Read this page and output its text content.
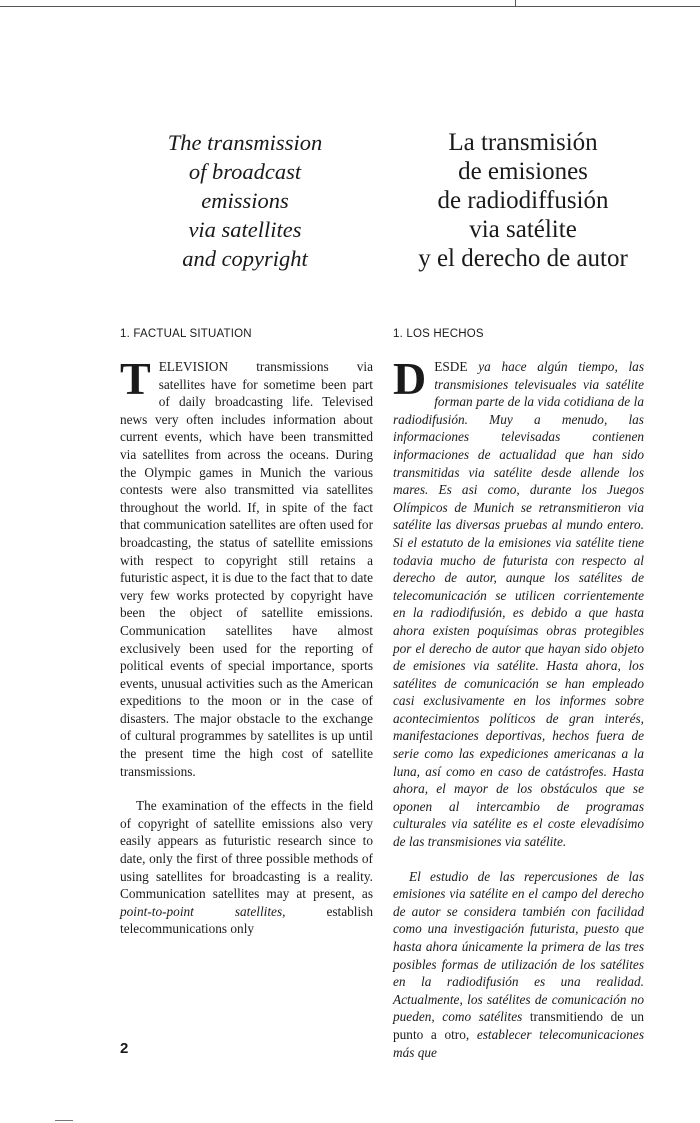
The transmission
of broadcast
emissions
via satellites
and copyright
La transmisión
de emisiones
de radiodiffusión
via satélite
y el derecho de autor
1. FACTUAL SITUATION	1. LOS HECHOS

TELEVISION transmissions via satellites have for sometime been part of daily broadcasting life. Televised news very often includes information about current events, which have been transmitted via satellites from across the oceans. During the Olympic games in Munich the various contests were also transmitted via satellites throughout the world. If, in spite of the fact that communication satellites are often used for broadcasting, the status of satellite emissions with respect to copyright still retains a futuristic aspect, it is due to the fact that to date very few works protected by copyright have been the object of satellite emissions. Communication satellites have almost exclusively been used for the reporting of political events of special importance, sports events, unusual activities such as the American expeditions to the moon or in the case of disasters. The major obstacle to the exchange of cultural programmes by satellites is up until the present time the high cost of satellite transmissions.

The examination of the effects in the field of copyright of satellite emissions also very easily appears as futuristic research since to date, only the first of three possible methods of using satellites for broadcasting is a reality. Communication satellites may at present, as point-to-point satellites, establish telecommunications only

DESDE ya hace algún tiempo, las transmisiones televisuales via satélite forman parte de la vida cotidiana de la radiodifusión. Muy a menudo, las informaciones televisadas contienen informaciones de actualidad que han sido transmitidas via satélite desde allende los mares. Es asi como, durante los Juegos Olímpicos de Munich se retransmitieron via satélite las diversas pruebas al mundo entero. Si el estatuto de la emisiones via satélite tiene todavia mucho de futurista con respecto al derecho de autor, aunque los satélites de telecomunicación se utilicen corrientemente en la radiodifusión, es debido a que hasta ahora existen poquísimas obras protegibles por el derecho de autor que hayan sido objeto de emisiones via satélite. Hasta ahora, los satélites de comunicación se han empleado casi exclusivamente en los informes sobre acontecimientos políticos de gran interés, manifestaciones deportivas, hechos fuera de serie como las expediciones americanas a la luna, así como en caso de catástrofes. Hasta ahora, el mayor de los obstáculos que se oponen al intercambio de programas culturales via satélite es el coste elevadísimo de las transmisiones via satélite.

El estudio de las repercusiones de las emisiones via satélite en el campo del derecho de autor se considera también con facilidad como una investigación futurista, puesto que hasta ahora únicamente la primera de las tres posibles formas de utilización de los satélites en la radiodifusión es una realidad. Actualmente, los satélites de comunicación no pueden, como satélites transmitiendo de un punto a otro, establecer telecomunicaciones más que

2
